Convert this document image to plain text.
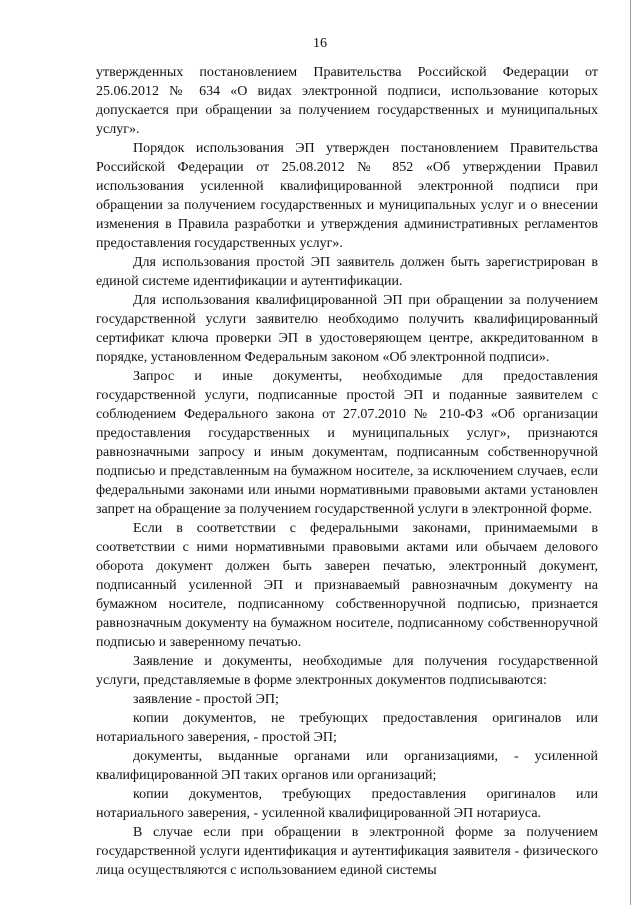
16

утвержденных постановлением Правительства Российской Федерации от 25.06.2012 № 634 «О видах электронной подписи, использование которых допускается при обращении за получением государственных и муниципальных услуг».

Порядок использования ЭП утвержден постановлением Правительства Российской Федерации от 25.08.2012 № 852 «Об утверждении Правил использования усиленной квалифицированной электронной подписи при обращении за получением государственных и муниципальных услуг и о внесении изменения в Правила разработки и утверждения административных регламентов предоставления государственных услуг».

Для использования простой ЭП заявитель должен быть зарегистрирован в единой системе идентификации и аутентификации.

Для использования квалифицированной ЭП при обращении за получением государственной услуги заявителю необходимо получить квалифицированный сертификат ключа проверки ЭП в удостоверяющем центре, аккредитованном в порядке, установленном Федеральным законом «Об электронной подписи».

Запрос и иные документы, необходимые для предоставления государственной услуги, подписанные простой ЭП и поданные заявителем с соблюдением Федерального закона от 27.07.2010 № 210-ФЗ «Об организации предоставления государственных и муниципальных услуг», признаются равнозначными запросу и иным документам, подписанным собственноручной подписью и представленным на бумажном носителе, за исключением случаев, если федеральными законами или иными нормативными правовыми актами установлен запрет на обращение за получением государственной услуги в электронной форме.

Если в соответствии с федеральными законами, принимаемыми в соответствии с ними нормативными правовыми актами или обычаем делового оборота документ должен быть заверен печатью, электронный документ, подписанный усиленной ЭП и признаваемый равнозначным документу на бумажном носителе, подписанному собственноручной подписью, признается равнозначным документу на бумажном носителе, подписанному собственноручной подписью и заверенному печатью.

Заявление и документы, необходимые для получения государственной услуги, представляемые в форме электронных документов подписываются:

заявление - простой ЭП;

копии документов, не требующих предоставления оригиналов или нотариального заверения, - простой ЭП;

документы, выданные органами или организациями, - усиленной квалифицированной ЭП таких органов или организаций;

копии документов, требующих предоставления оригиналов или нотариального заверения, - усиленной квалифицированной ЭП нотариуса.

В случае если при обращении в электронной форме за получением государственной услуги идентификация и аутентификация заявителя - физического лица осуществляются с использованием единой системы
